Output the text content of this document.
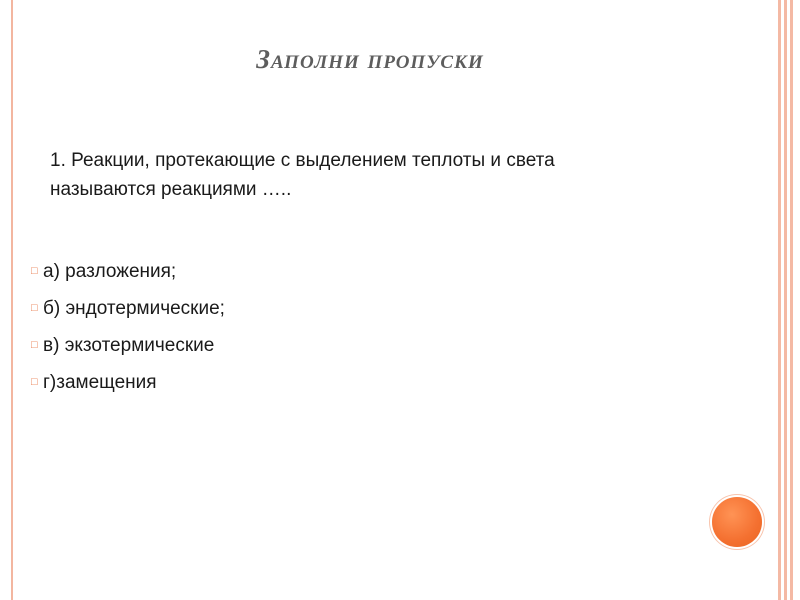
Заполни пропуски
1. Реакции, протекающие с выделением теплоты и света называются реакциями …..
□ а) разложения;
□ б) эндотермические;
□ в) экзотермические
□ г)замещения
